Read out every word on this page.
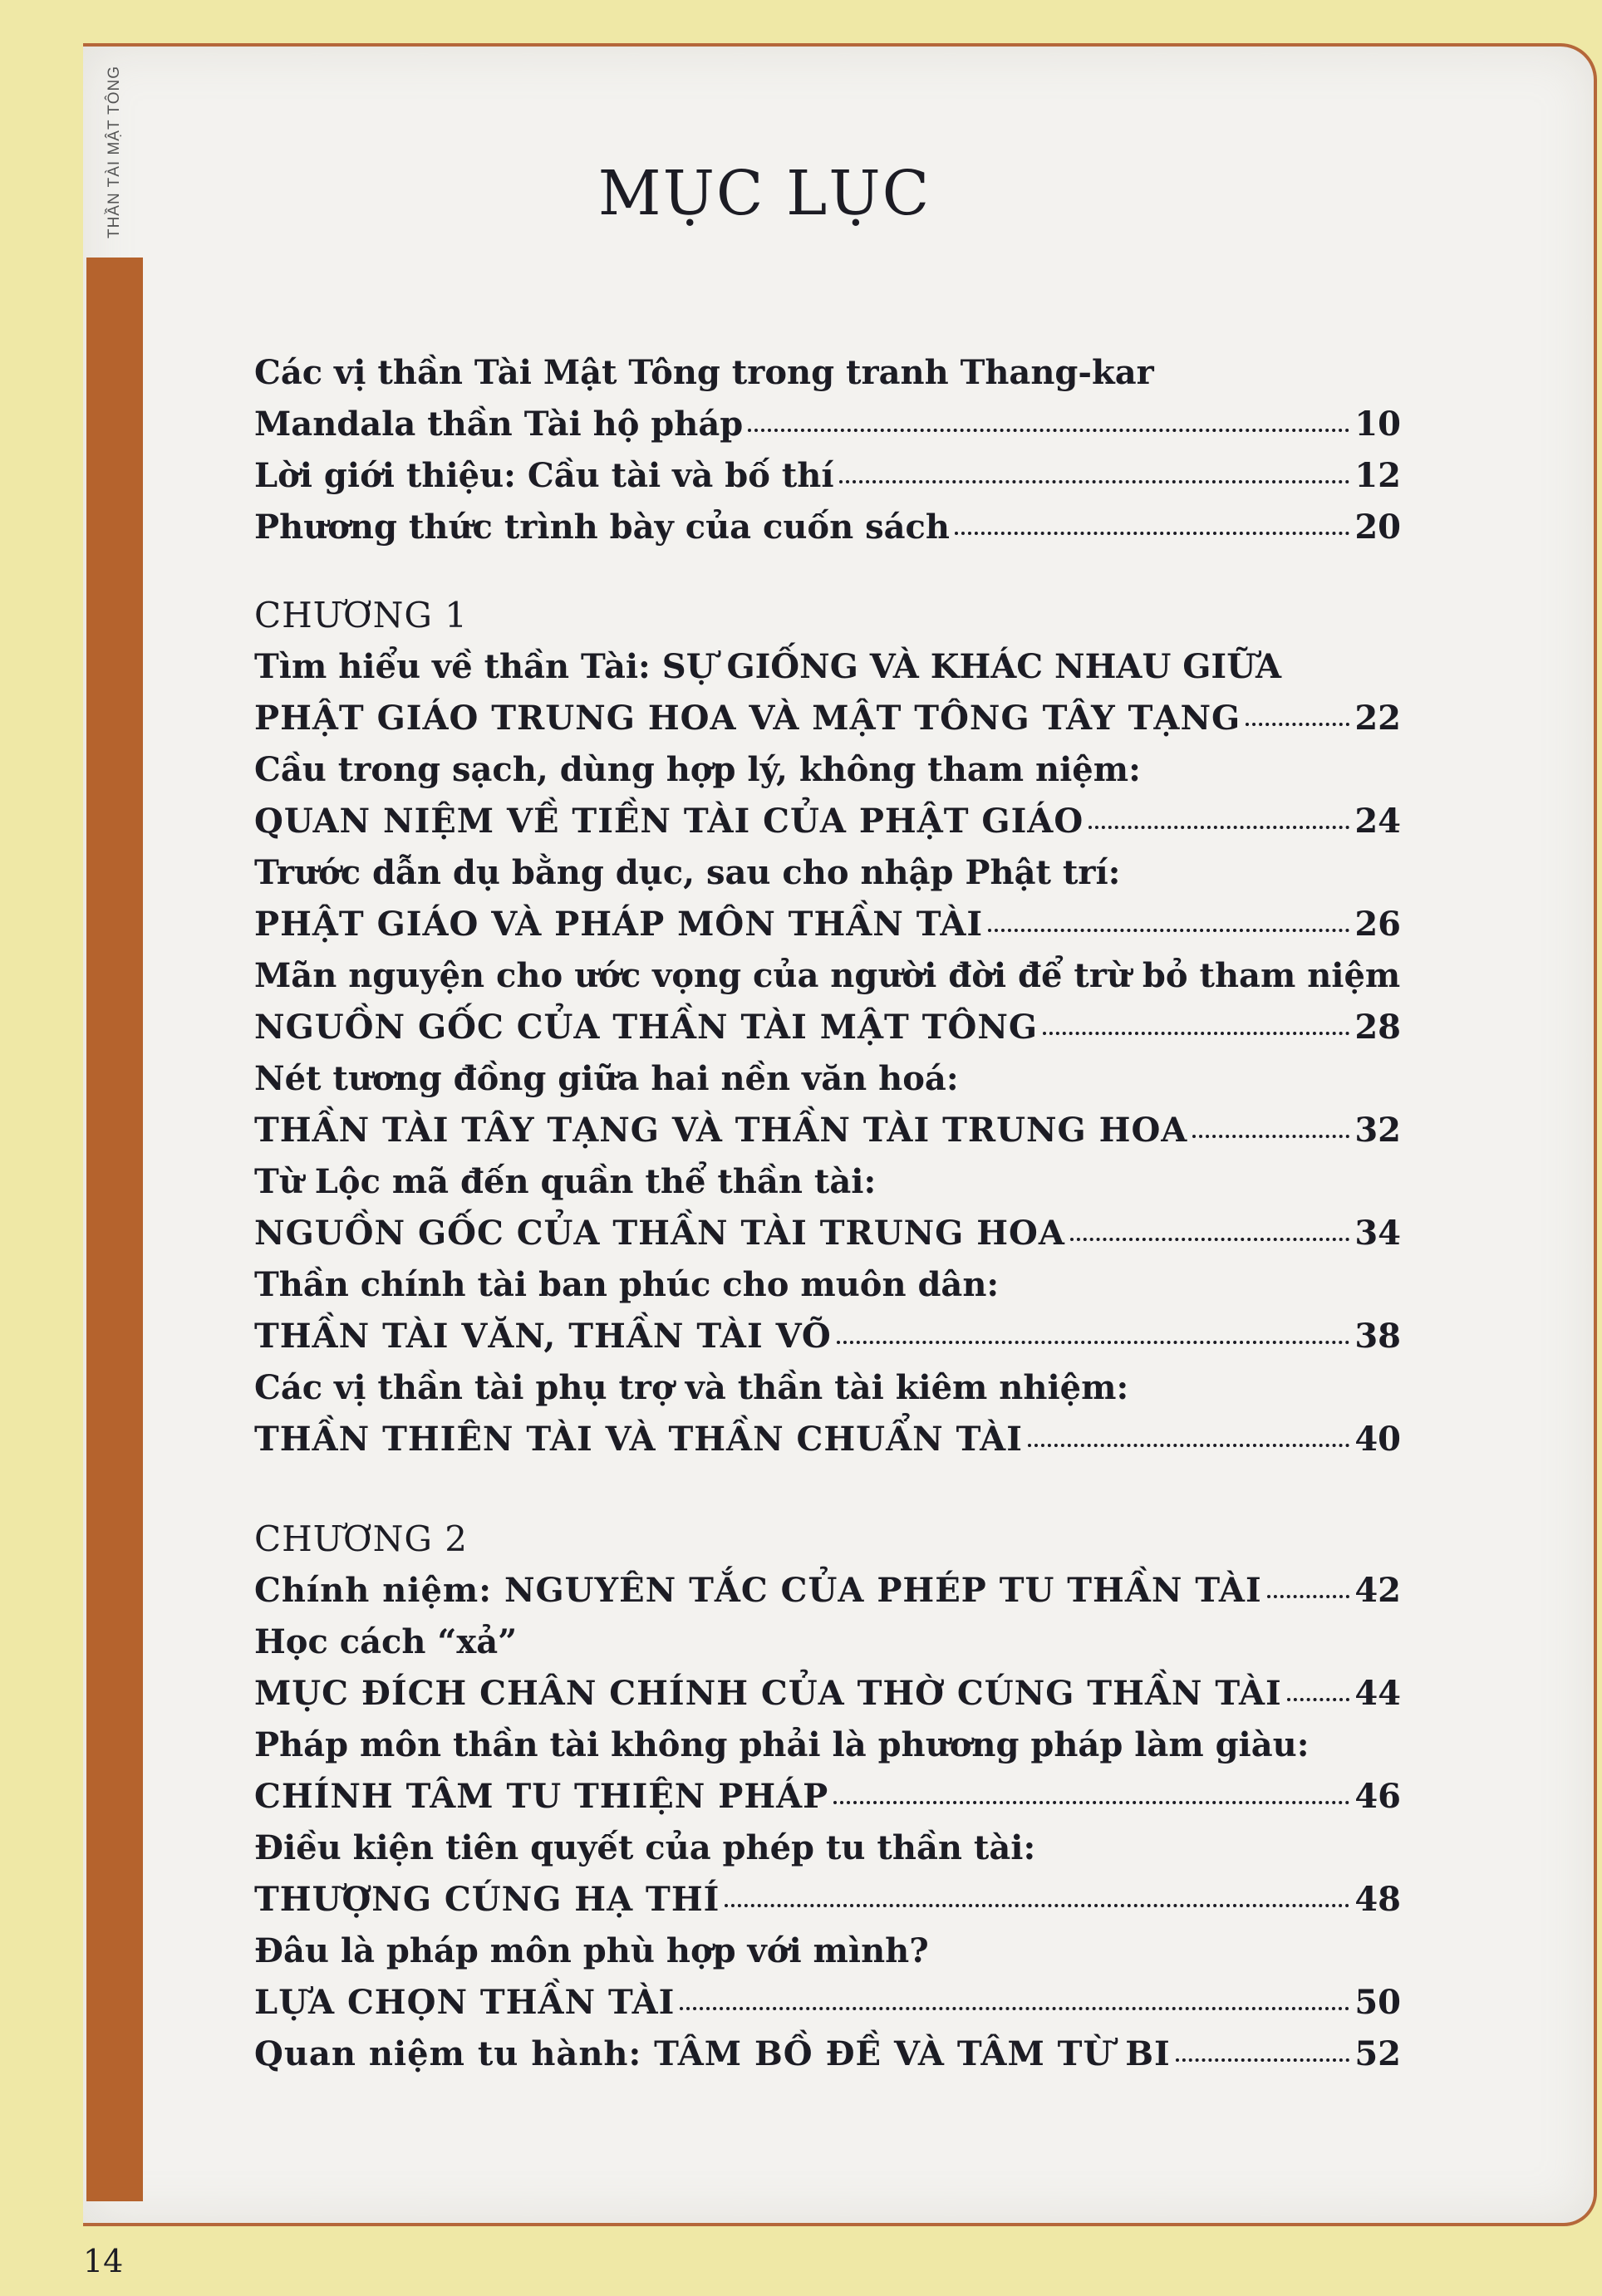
THẦN TÀI MẬT TÔNG	MỤC LỤC
Các vị thần Tài Mật Tông trong tranh Thang-kar
Mandala thần Tài hộ pháp	10
Lời giới thiệu: Cầu tài và bố thí	12
Phương thức trình bày của cuốn sách	20
CHƯƠNG 1
Tìm hiểu về thần Tài: SỰ GIỐNG VÀ KHÁC NHAU GIỮA
PHẬT GIÁO TRUNG HOA VÀ MẬT TÔNG TÂY TẠNG	22
Cầu trong sạch, dùng hợp lý, không tham niệm:
QUAN NIỆM VỀ TIỀN TÀI CỦA PHẬT GIÁO	24
Trước dẫn dụ bằng dục, sau cho nhập Phật trí:
PHẬT GIÁO VÀ PHÁP MÔN THẦN TÀI	26
Mãn nguyện cho ước vọng của người đời để trừ bỏ tham niệm
NGUỒN GỐC CỦA THẦN TÀI MẬT TÔNG	28
Nét tương đồng giữa hai nền văn hoá:
THẦN TÀI TÂY TẠNG VÀ THẦN TÀI TRUNG HOA	32
Từ Lộc mã đến quần thể thần tài:
NGUỒN GỐC CỦA THẦN TÀI TRUNG HOA	34
Thần chính tài ban phúc cho muôn dân:
THẦN TÀI VĂN, THẦN TÀI VÕ	38
Các vị thần tài phụ trợ và thần tài kiêm nhiệm:
THẦN THIÊN TÀI VÀ THẦN CHUẨN TÀI	40
CHƯƠNG 2
Chính niệm: NGUYÊN TẮC CỦA PHÉP TU THẦN TÀI	42
Học cách “xả”
MỤC ĐÍCH CHÂN CHÍNH CỦA THỜ CÚNG THẦN TÀI 44
Pháp môn thần tài không phải là phương pháp làm giàu:
CHÍNH TÂM TU THIỆN PHÁP	46
Điều kiện tiên quyết của phép tu thần tài:
THƯỢNG CÚNG HẠ THÍ	48
Đâu là pháp môn phù hợp với mình?
LỰA CHỌN THẦN TÀI	50
Quan niệm tu hành: TÂM BỒ ĐỀ VÀ TÂM TỪ BI	52
14
